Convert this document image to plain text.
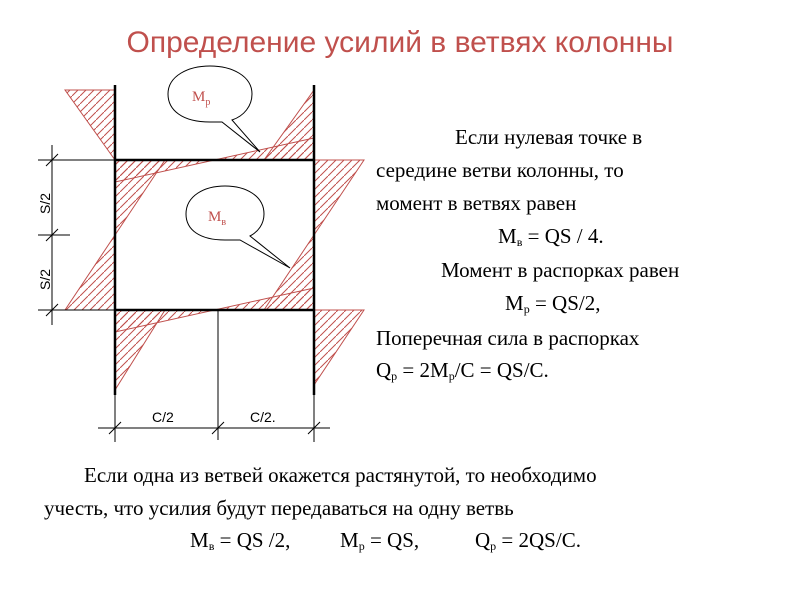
Определение усилий в ветвях колонны
S/2
S/2
C/2	C/2.
$M_р$
$M_в$
Если нулевая точке в
середине ветви колонны, то
момент в ветвях равен
$M_в$ = QS / 4.
Момент в распорках равен
$M_р = QS/2$,
Поперечная сила в распорках
$Q_р = 2M_р/C = QS/C$.
Если одна из ветвей окажется растянутой, то необходимо
учесть, что усилия будут передаваться на одну ветвь
$M_в$ = QS /2, $M_р$ = QS,	$Q_р = 2QS/C$.
